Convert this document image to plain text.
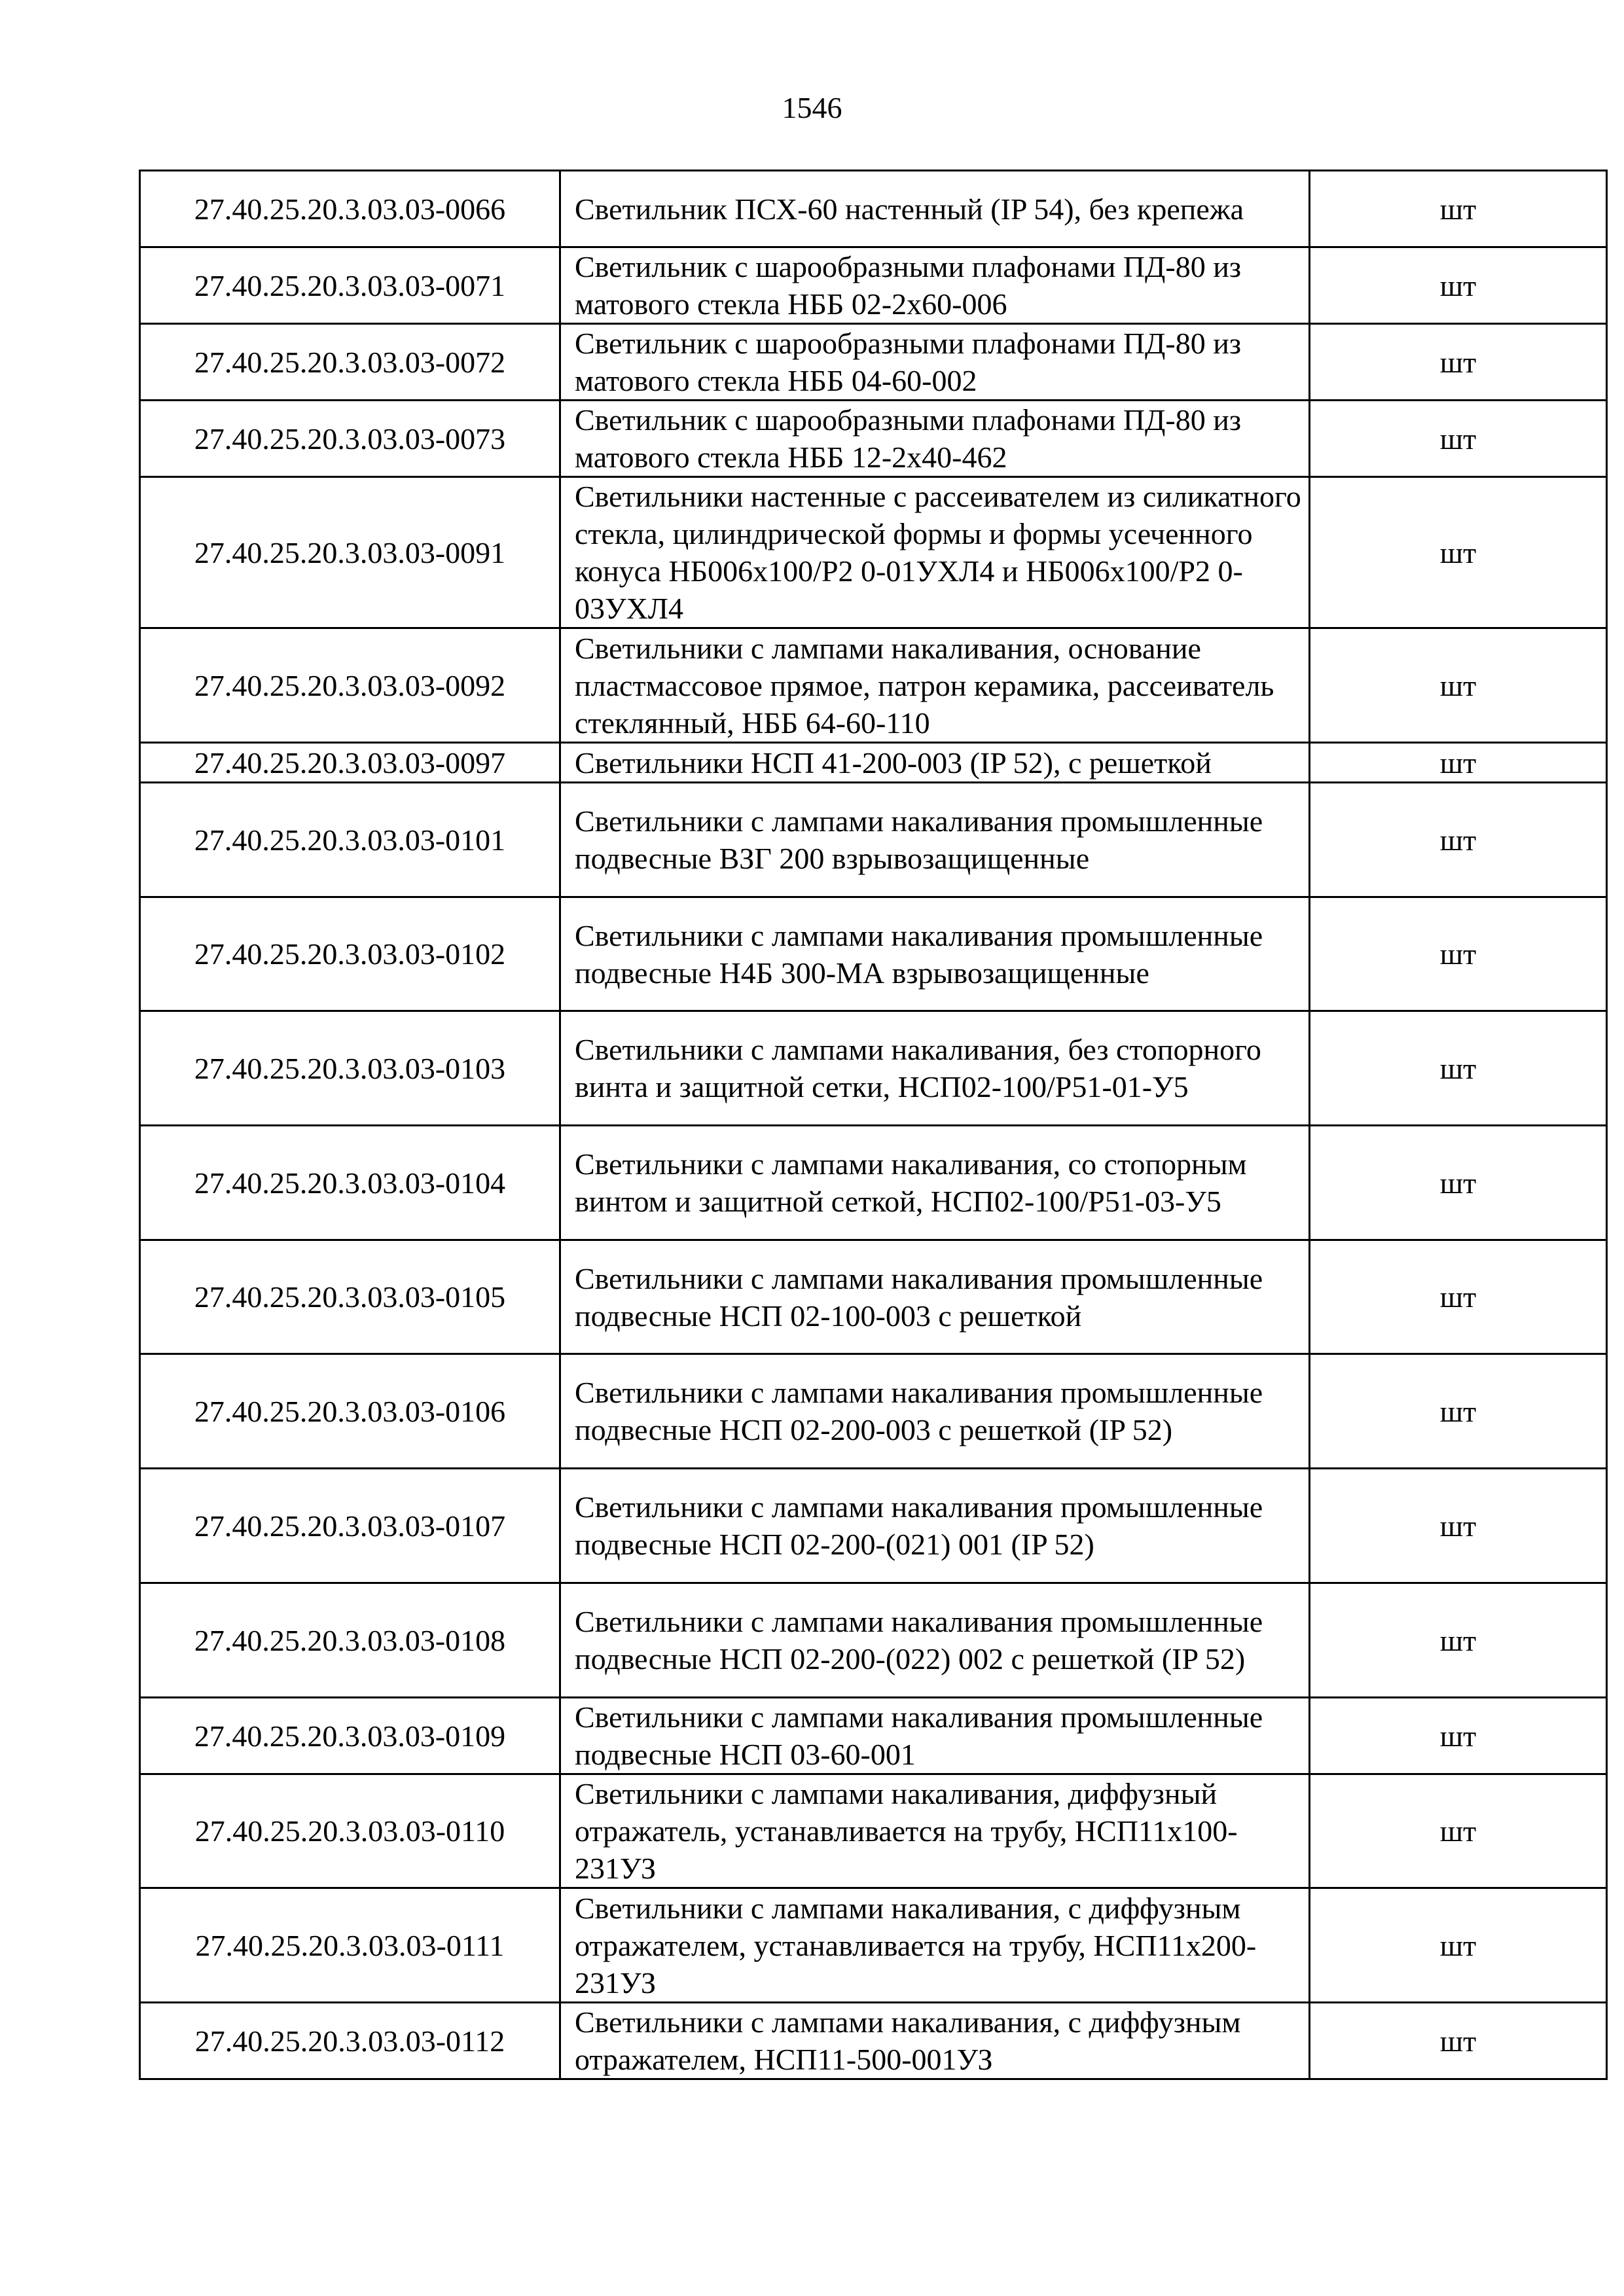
1546
27.40.25.20.3.03.03-0066	Светильник ПСХ-60 настенный (IP 54), без крепежа	шт
27.40.25.20.3.03.03-0071	Светильник с шарообразными плафонами ПД-80 из матового стекла НББ 02-2х60-006	шт
27.40.25.20.3.03.03-0072	Светильник с шарообразными плафонами ПД-80 из матового стекла НББ 04-60-002	шт
27.40.25.20.3.03.03-0073	Светильник с шарообразными плафонами ПД-80 из матового стекла НББ 12-2х40-462	шт
27.40.25.20.3.03.03-0091	Светильники настенные с рассеивателем из силикатного стекла, цилиндрической формы и формы усеченного конуса НБ006х100/Р2 0-01УХЛ4 и НБ006х100/Р2 0-03УХЛ4	шт
27.40.25.20.3.03.03-0092	Светильники с лампами накаливания, основание пластмассовое прямое, патрон керамика, рассеиватель стеклянный, НББ 64-60-110	шт
27.40.25.20.3.03.03-0097	Светильники НСП 41-200-003 (IP 52), с решеткой	шт
27.40.25.20.3.03.03-0101	Светильники с лампами накаливания промышленные подвесные ВЗГ 200 взрывозащищенные	шт
27.40.25.20.3.03.03-0102	Светильники с лампами накаливания промышленные подвесные Н4Б 300-МА взрывозащищенные	шт
27.40.25.20.3.03.03-0103	Светильники с лампами накаливания, без стопорного винта и защитной сетки, НСП02-100/Р51-01-У5	шт
27.40.25.20.3.03.03-0104	Светильники с лампами накаливания, со стопорным винтом и защитной сеткой, НСП02-100/Р51-03-У5	шт
27.40.25.20.3.03.03-0105	Светильники с лампами накаливания промышленные подвесные НСП 02-100-003 с решеткой	шт
27.40.25.20.3.03.03-0106	Светильники с лампами накаливания промышленные подвесные НСП 02-200-003 с решеткой (IP 52)	шт
27.40.25.20.3.03.03-0107	Светильники с лампами накаливания промышленные подвесные НСП 02-200-(021) 001 (IP 52)	шт
27.40.25.20.3.03.03-0108	Светильники с лампами накаливания промышленные подвесные НСП 02-200-(022) 002 с решеткой (IP 52)	шт
27.40.25.20.3.03.03-0109	Светильники с лампами накаливания промышленные подвесные НСП 03-60-001	шт
27.40.25.20.3.03.03-0110	Светильники с лампами накаливания, диффузный отражатель, устанавливается на трубу, НСП11х100-231УЗ	шт
27.40.25.20.3.03.03-0111	Светильники с лампами накаливания, с диффузным отражателем, устанавливается на трубу, НСП11х200-231УЗ	шт
27.40.25.20.3.03.03-0112	Светильники с лампами накаливания, с диффузным отражателем, НСП11-500-001УЗ	шт
